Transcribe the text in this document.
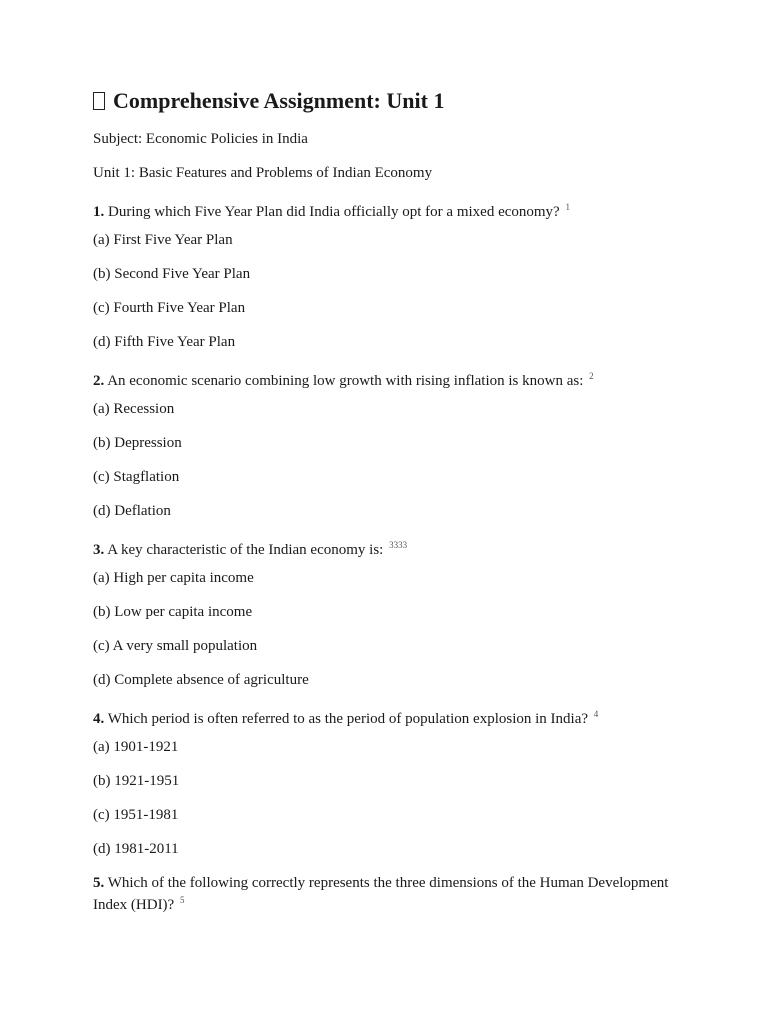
Comprehensive Assignment: Unit 1

Subject: Economic Policies in India

Unit 1: Basic Features and Problems of Indian Economy

1. During which Five Year Plan did India officially opt for a mixed economy? $^1$

(a) First Five Year Plan

(b) Second Five Year Plan

(c) Fourth Five Year Plan

(d) Fifth Five Year Plan

2. An economic scenario combining low growth with rising inflation is known as: $^2$

(a) Recession

(b) Depression

(c) Stagflation

(d) Deflation

3. A key characteristic of the Indian economy is: $^{3333}$

(a) High per capita income

(b) Low per capita income

(c) A very small population

(d) Complete absence of agriculture

4. Which period is often referred to as the period of population explosion in India? $^4$

(a) 1901-1921

(b) 1921-1951

(c) 1951-1981

(d) 1981-2011

5. Which of the following correctly represents the three dimensions of the Human Development Index (HDI)? $^5$
